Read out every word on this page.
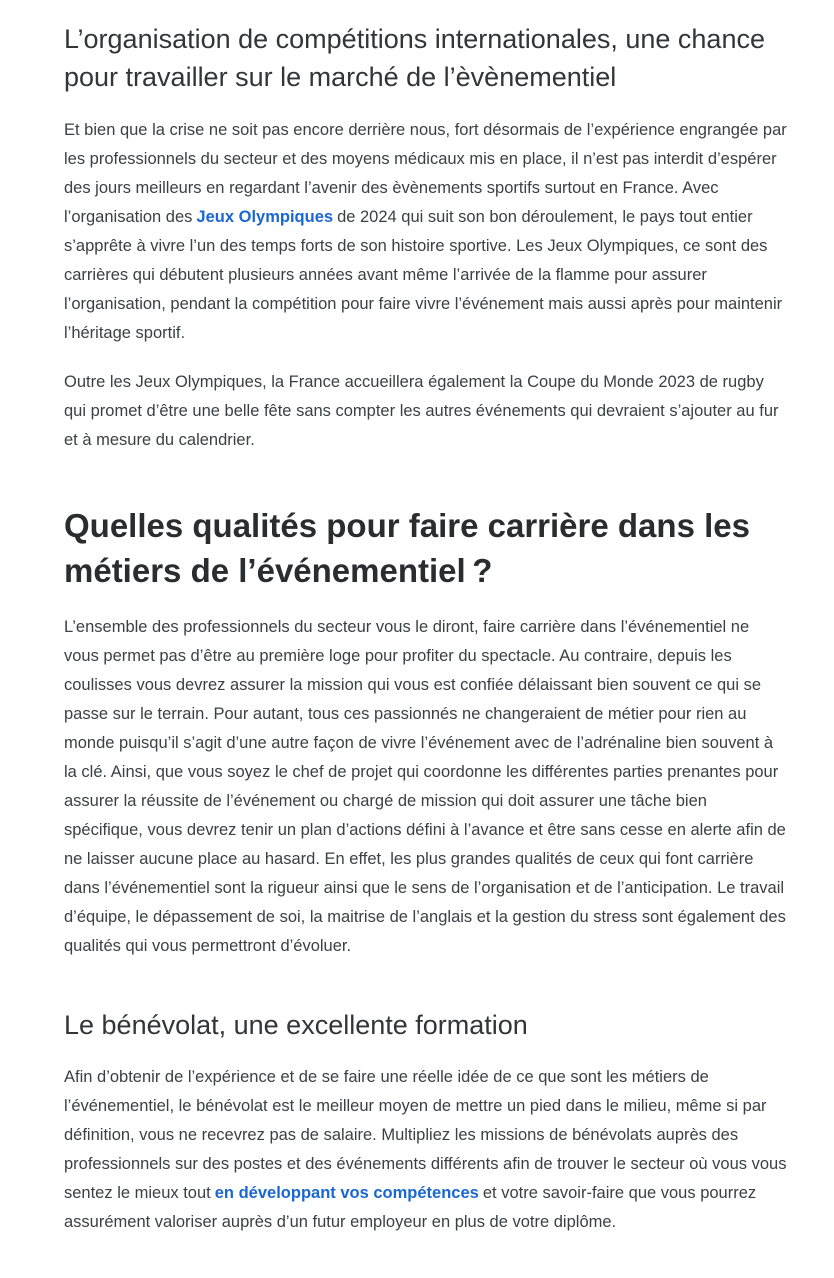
L’organisation de compétitions internationales, une chance pour travailler sur le marché de l’èvènementiel

Et bien que la crise ne soit pas encore derrière nous, fort désormais de l’expérience engrangée par les professionnels du secteur et des moyens médicaux mis en place, il n’est pas interdit d’espérer des jours meilleurs en regardant l’avenir des èvènements sportifs surtout en France. Avec l’organisation des Jeux Olympiques de 2024 qui suit son bon déroulement, le pays tout entier s’apprête à vivre l’un des temps forts de son histoire sportive. Les Jeux Olympiques, ce sont des carrières qui débutent plusieurs années avant même l’arrivée de la flamme pour assurer l’organisation, pendant la compétition pour faire vivre l’événement mais aussi après pour maintenir l’héritage sportif.

Outre les Jeux Olympiques, la France accueillera également la Coupe du Monde 2023 de rugby qui promet d’être une belle fête sans compter les autres événements qui devraient s’ajouter au fur et à mesure du calendrier.

Quelles qualités pour faire carrière dans les métiers de l’événementiel ?

L’ensemble des professionnels du secteur vous le diront, faire carrière dans l’événementiel ne vous permet pas d’être au première loge pour profiter du spectacle. Au contraire, depuis les coulisses vous devrez assurer la mission qui vous est confiée délaissant bien souvent ce qui se passe sur le terrain. Pour autant, tous ces passionnés ne changeraient de métier pour rien au monde puisqu’il s’agit d’une autre façon de vivre l’événement avec de l’adrénaline bien souvent à la clé. Ainsi, que vous soyez le chef de projet qui coordonne les différentes parties prenantes pour assurer la réussite de l’événement ou chargé de mission qui doit assurer une tâche bien spécifique, vous devrez tenir un plan d’actions défini à l’avance et être sans cesse en alerte afin de ne laisser aucune place au hasard. En effet, les plus grandes qualités de ceux qui font carrière dans l’événementiel sont la rigueur ainsi que le sens de l’organisation et de l’anticipation. Le travail d’équipe, le dépassement de soi, la maitrise de l’anglais et la gestion du stress sont également des qualités qui vous permettront d’évoluer.

Le bénévolat, une excellente formation

Afin d’obtenir de l’expérience et de se faire une réelle idée de ce que sont les métiers de l’événementiel, le bénévolat est le meilleur moyen de mettre un pied dans le milieu, même si par définition, vous ne recevrez pas de salaire. Multipliez les missions de bénévolats auprès des professionnels sur des postes et des événements différents afin de trouver le secteur où vous vous sentez le mieux tout en développant vos compétences et votre savoir-faire que vous pourrez assurément valoriser auprès d’un futur employeur en plus de votre diplôme.
